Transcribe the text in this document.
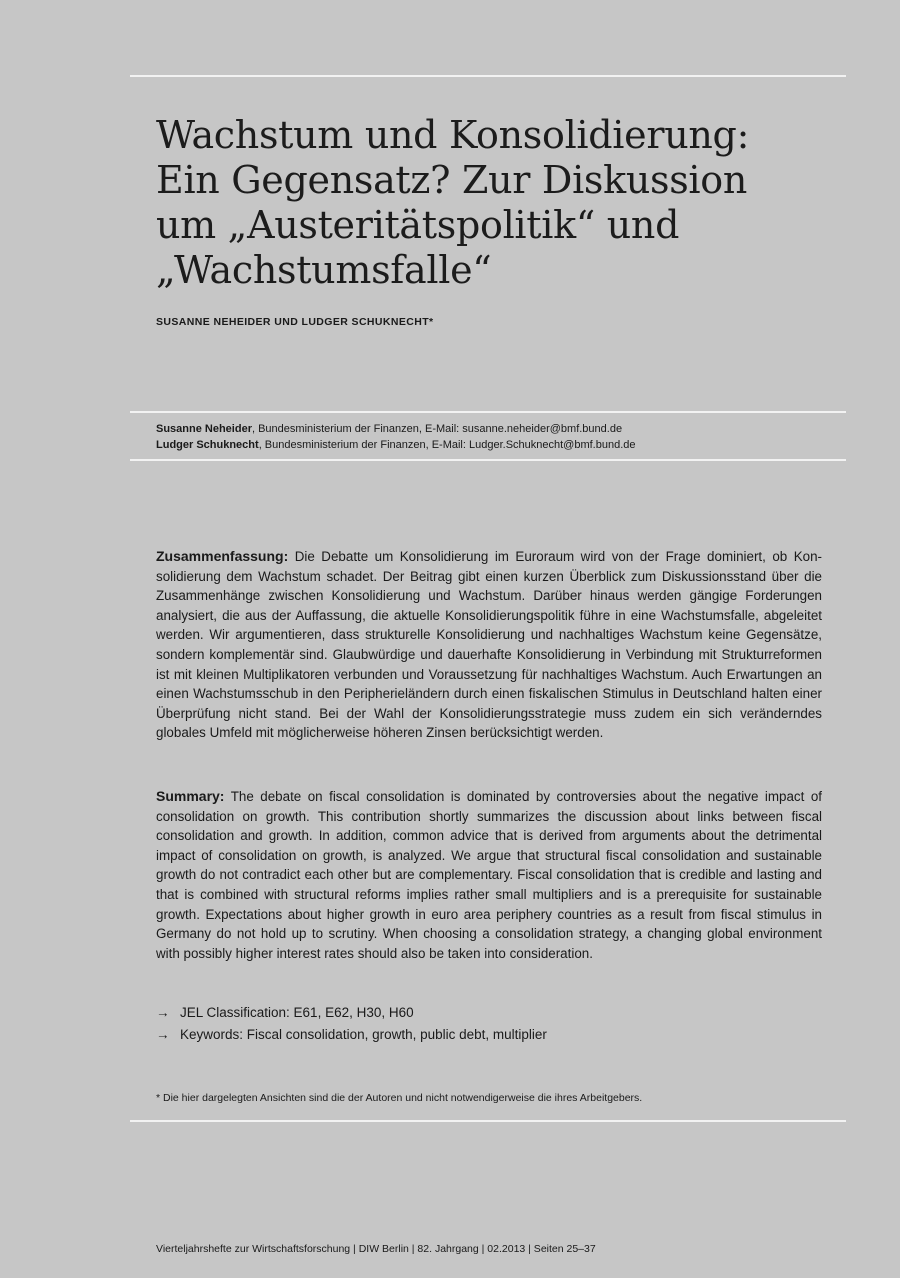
Wachstum und Konsolidierung:
Ein Gegensatz? Zur Diskussion
um „Austeritätspolitik“ und
„Wachstumsfalle“
SUSANNE NEHEIDER UND LUDGER SCHUKNECHT*
Susanne Neheider, Bundesministerium der Finanzen, E-Mail: susanne.neheider@bmf.bund.de
Ludger Schuknecht, Bundesministerium der Finanzen, E-Mail: Ludger.Schuknecht@bmf.bund.de

Zusammenfassung: Die Debatte um Konsolidierung im Euroraum wird von der Frage dominiert, ob Konsolidierung dem Wachstum schadet. Der Beitrag gibt einen kurzen Überblick zum Diskussionsstand über die Zusammenhänge zwischen Konsolidierung und Wachstum. Darüber hinaus werden gängige Forderungen analysiert, die aus der Auffassung, die aktuelle Konsolidierungspolitik führe in eine Wachstumsfalle, abgeleitet werden. Wir argumentieren, dass strukturelle Konsolidierung und nachhaltiges Wachstum keine Gegensätze, sondern komplementär sind. Glaubwürdige und dauerhafte Konsolidierung in Verbindung mit Strukturreformen ist mit kleinen Multiplikatoren verbunden und Voraussetzung für nachhaltiges Wachstum. Auch Erwartungen an einen Wachstumsschub in den Peripherieländern durch einen fiskalischen Stimulus in Deutschland halten einer Überprüfung nicht stand. Bei der Wahl der Konsolidierungsstrategie muss zudem ein sich veränderndes globales Umfeld mit möglicherweise höheren Zinsen berücksichtigt werden.

Summary: The debate on fiscal consolidation is dominated by controversies about the negative impact of consolidation on growth. This contribution shortly summarizes the discussion about links between fiscal consolidation and growth. In addition, common advice that is derived from arguments about the detrimental impact of consolidation on growth, is analyzed. We argue that structural fiscal consolidation and sustainable growth do not contradict each other but are complementary. Fiscal consolidation that is credible and lasting and that is combined with structural reforms implies rather small multipliers and is a prerequisite for sustainable growth. Expectations about higher growth in euro area periphery countries as a result from fiscal stimulus in Germany do not hold up to scrutiny. When choosing a consolidation strategy, a changing global environment with possibly higher interest rates should also be taken into consideration.

→ JEL Classification: E61, E62, H30, H60
→ Keywords: Fiscal consolidation, growth, public debt, multiplier
* Die hier dargelegten Ansichten sind die der Autoren und nicht notwendigerweise die ihres Arbeitgebers.
Vierteljahrshefte zur Wirtschaftsforschung | DIW Berlin | 82. Jahrgang | 02.2013 | Seiten 25–37
